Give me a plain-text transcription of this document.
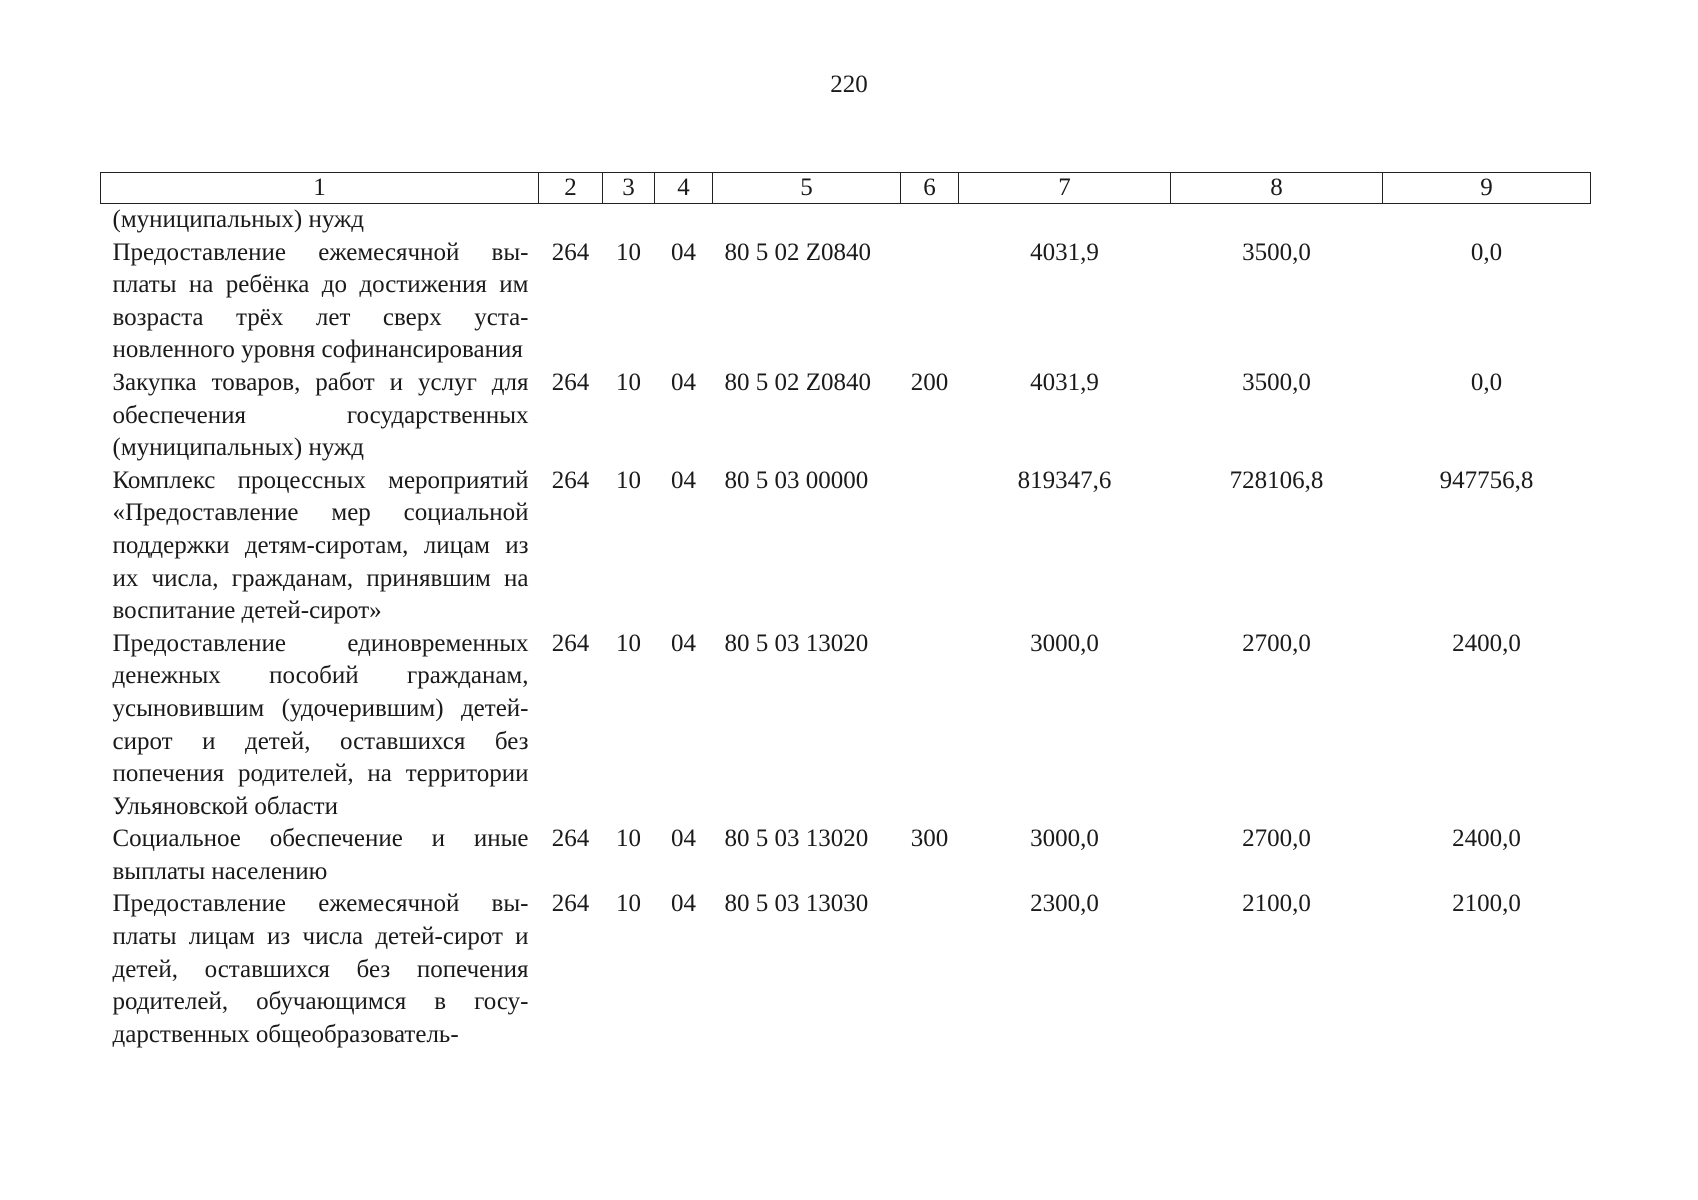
220
1	2	3	4	5	6	7	8	9
(муниципальных) нужд								
Предоставление ежемесячной выплаты на ребёнка до достижения им возраста трёх лет сверх установленного уровня софинансирования	264	10	04	80 5 02 Z0840		4031,9	3500,0	0,0
Закупка товаров, работ и услуг для обеспечения государственных (муниципальных) нужд	264	10	04	80 5 02 Z0840	200	4031,9	3500,0	0,0
Комплекс процессных мероприятий «Предоставление мер социальной поддержки детям-сиротам, лицам из их числа, гражданам, принявшим на воспитание детей-сирот»	264	10	04	80 5 03 00000		819347,6	728106,8	947756,8
Предоставление единовременных денежных пособий гражданам, усыновившим (удочерившим) детей-сирот и детей, оставшихся без попечения родителей, на территории Ульяновской области	264	10	04	80 5 03 13020		3000,0	2700,0	2400,0
Социальное обеспечение и иные выплаты населению	264	10	04	80 5 03 13020	300	3000,0	2700,0	2400,0
Предоставление ежемесячной выплаты лицам из числа детей-сирот и детей, оставшихся без попечения родителей, обучающимся в государственных общеобразователь-	264	10	04	80 5 03 13030		2300,0	2100,0	2100,0
